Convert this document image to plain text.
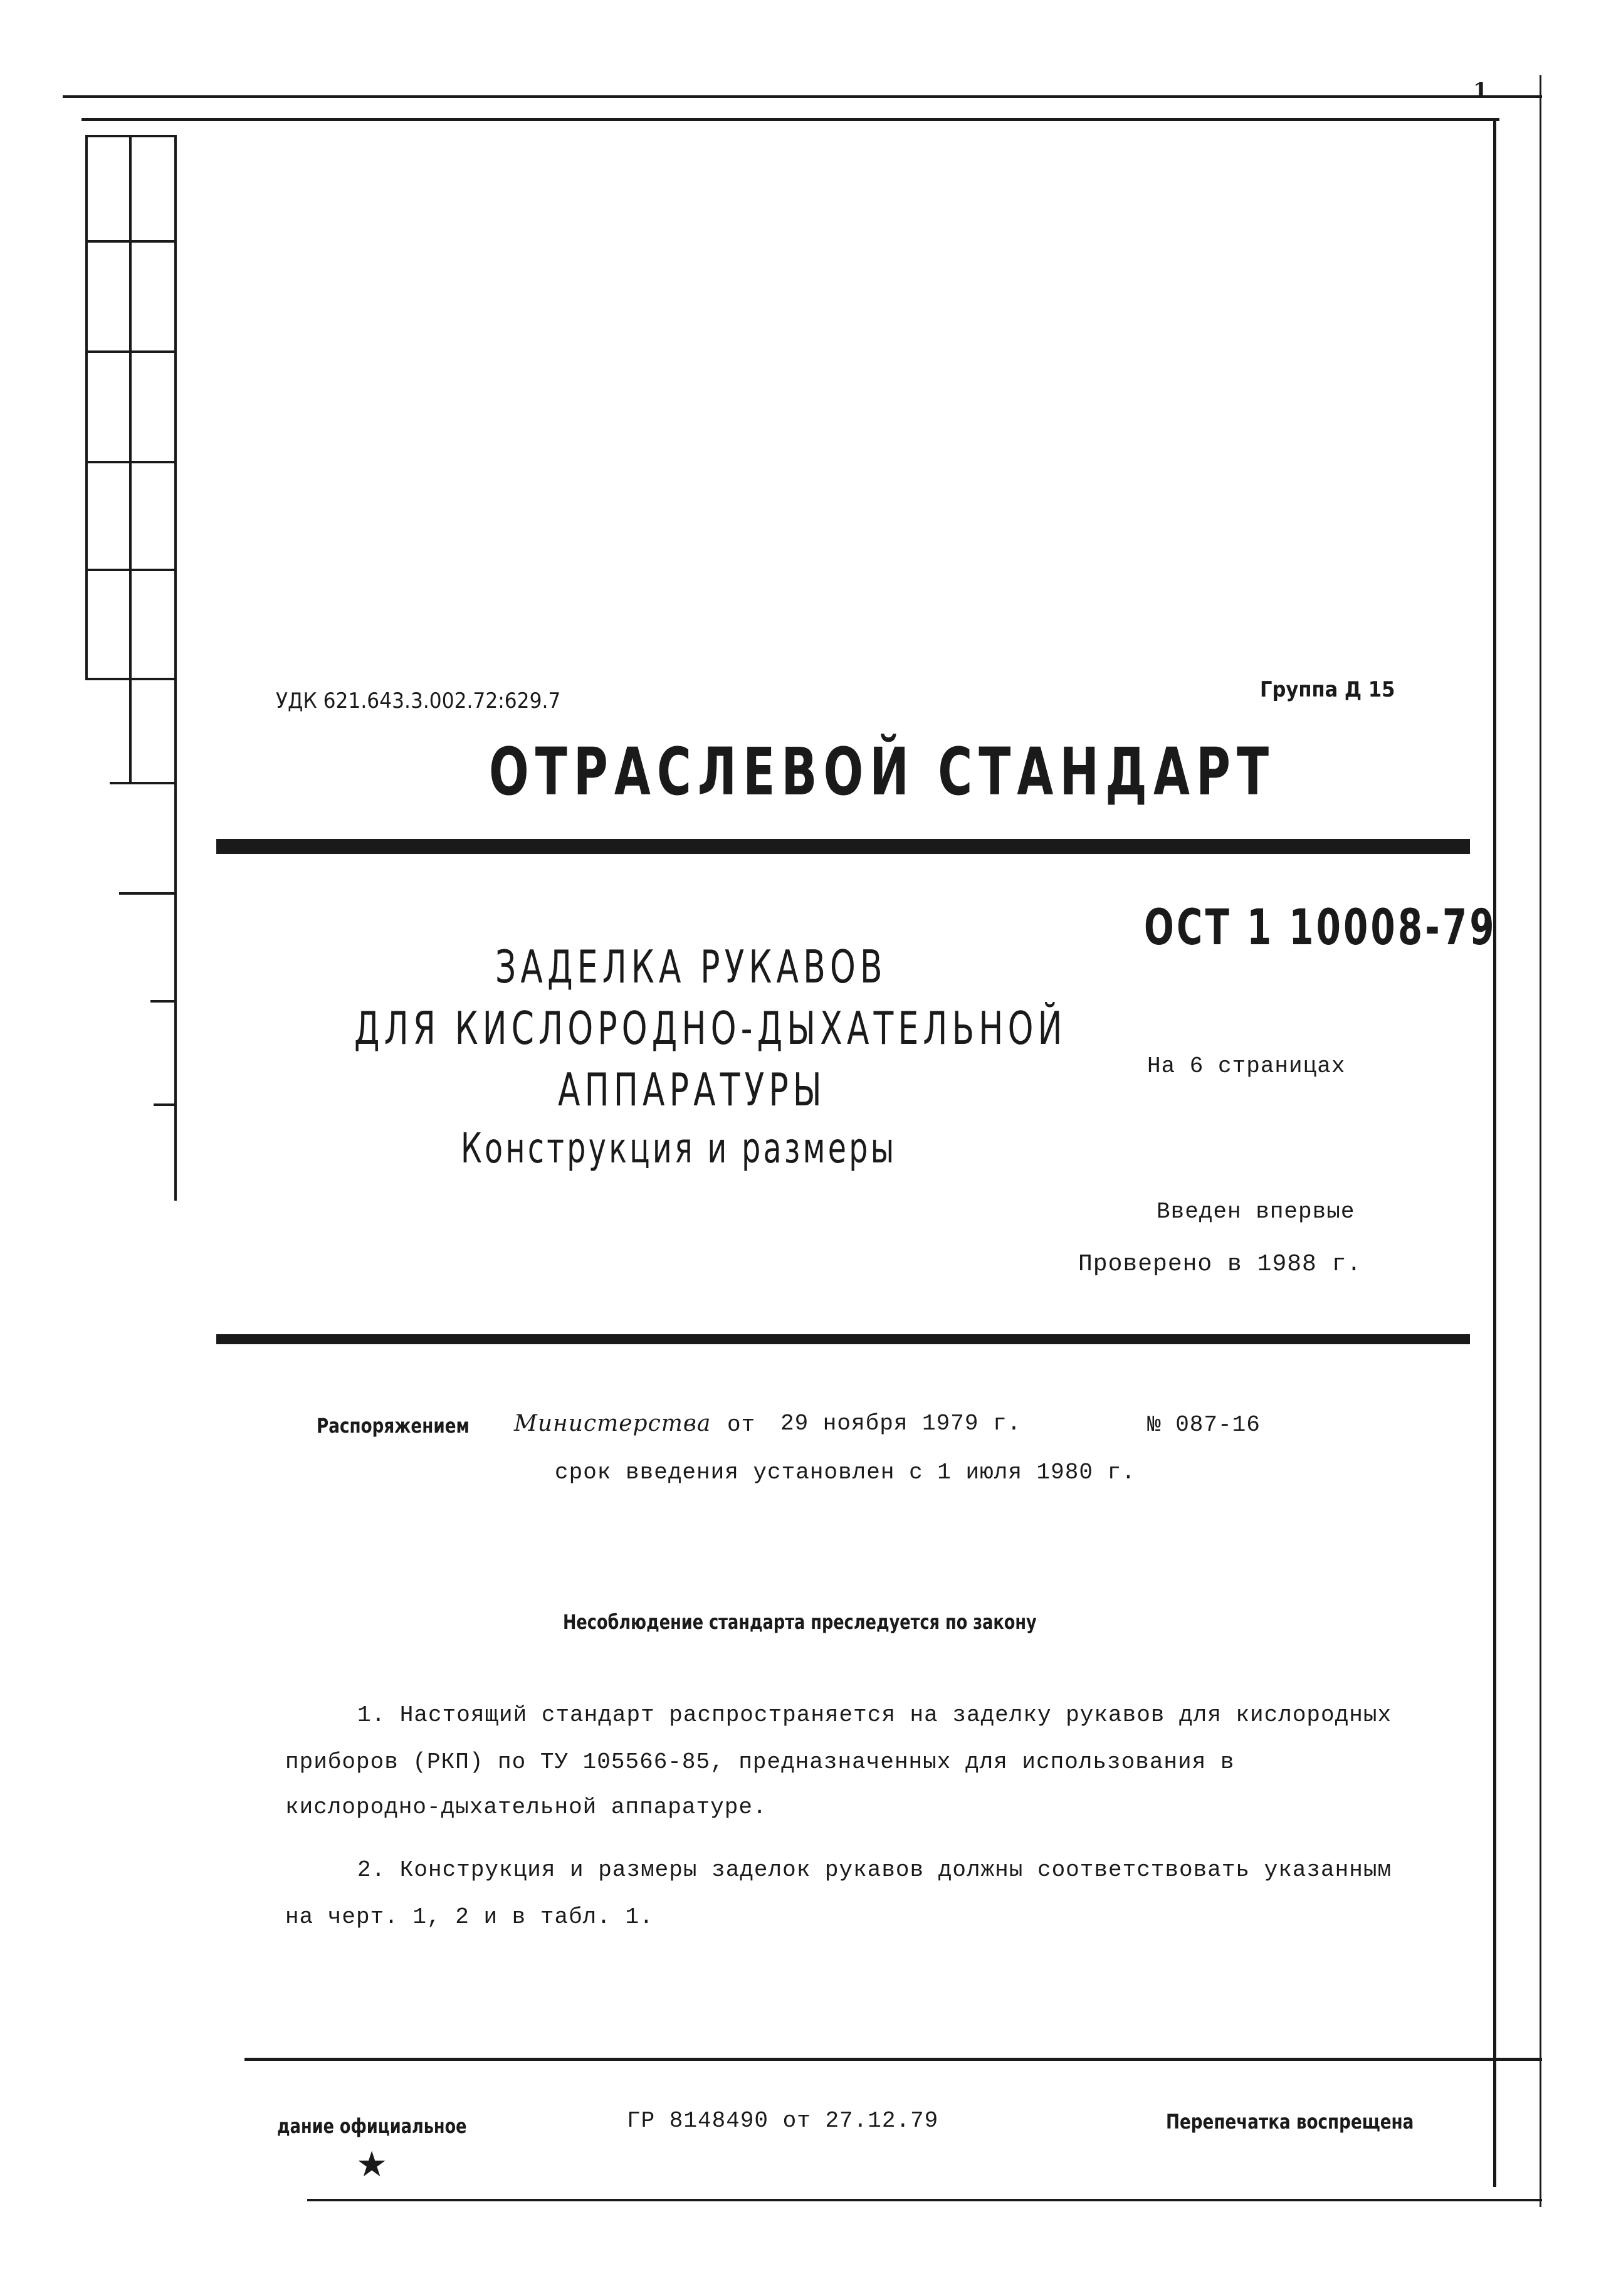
1
УДК 621.643.3.002.72:629.7	Группа Д 15
ОТРАСЛЕВОЙ СТАНДАРТ
ОСТ 1 10008-79
ЗАДЕЛКА РУКАВОВ
ДЛЯ КИСЛОРОДНО-ДЫХАТЕЛЬНОЙ
АППАРАТУРЫ
Конструкция и размеры
На 6 страницах
Введен впервые
Проверено в 1988 г.
Распоряжением Министерства от 29 ноября 1979 г.	№ 087-16
срок введения установлен с 1 июля 1980 г.
Несоблюдение стандарта преследуется по закону
1. Настоящий стандарт распространяется на заделку рукавов для кислородных
приборов (РКП) по ТУ 105566-85, предназначенных для использования в
кислородно-дыхательной аппаратуре.
2. Конструкция и размеры заделок рукавов должны соответствовать указанным
на черт. 1, 2 и в табл. 1.
дание официальное
★
ГР 8148490 от 27.12.79	Перепечатка воспрещена
